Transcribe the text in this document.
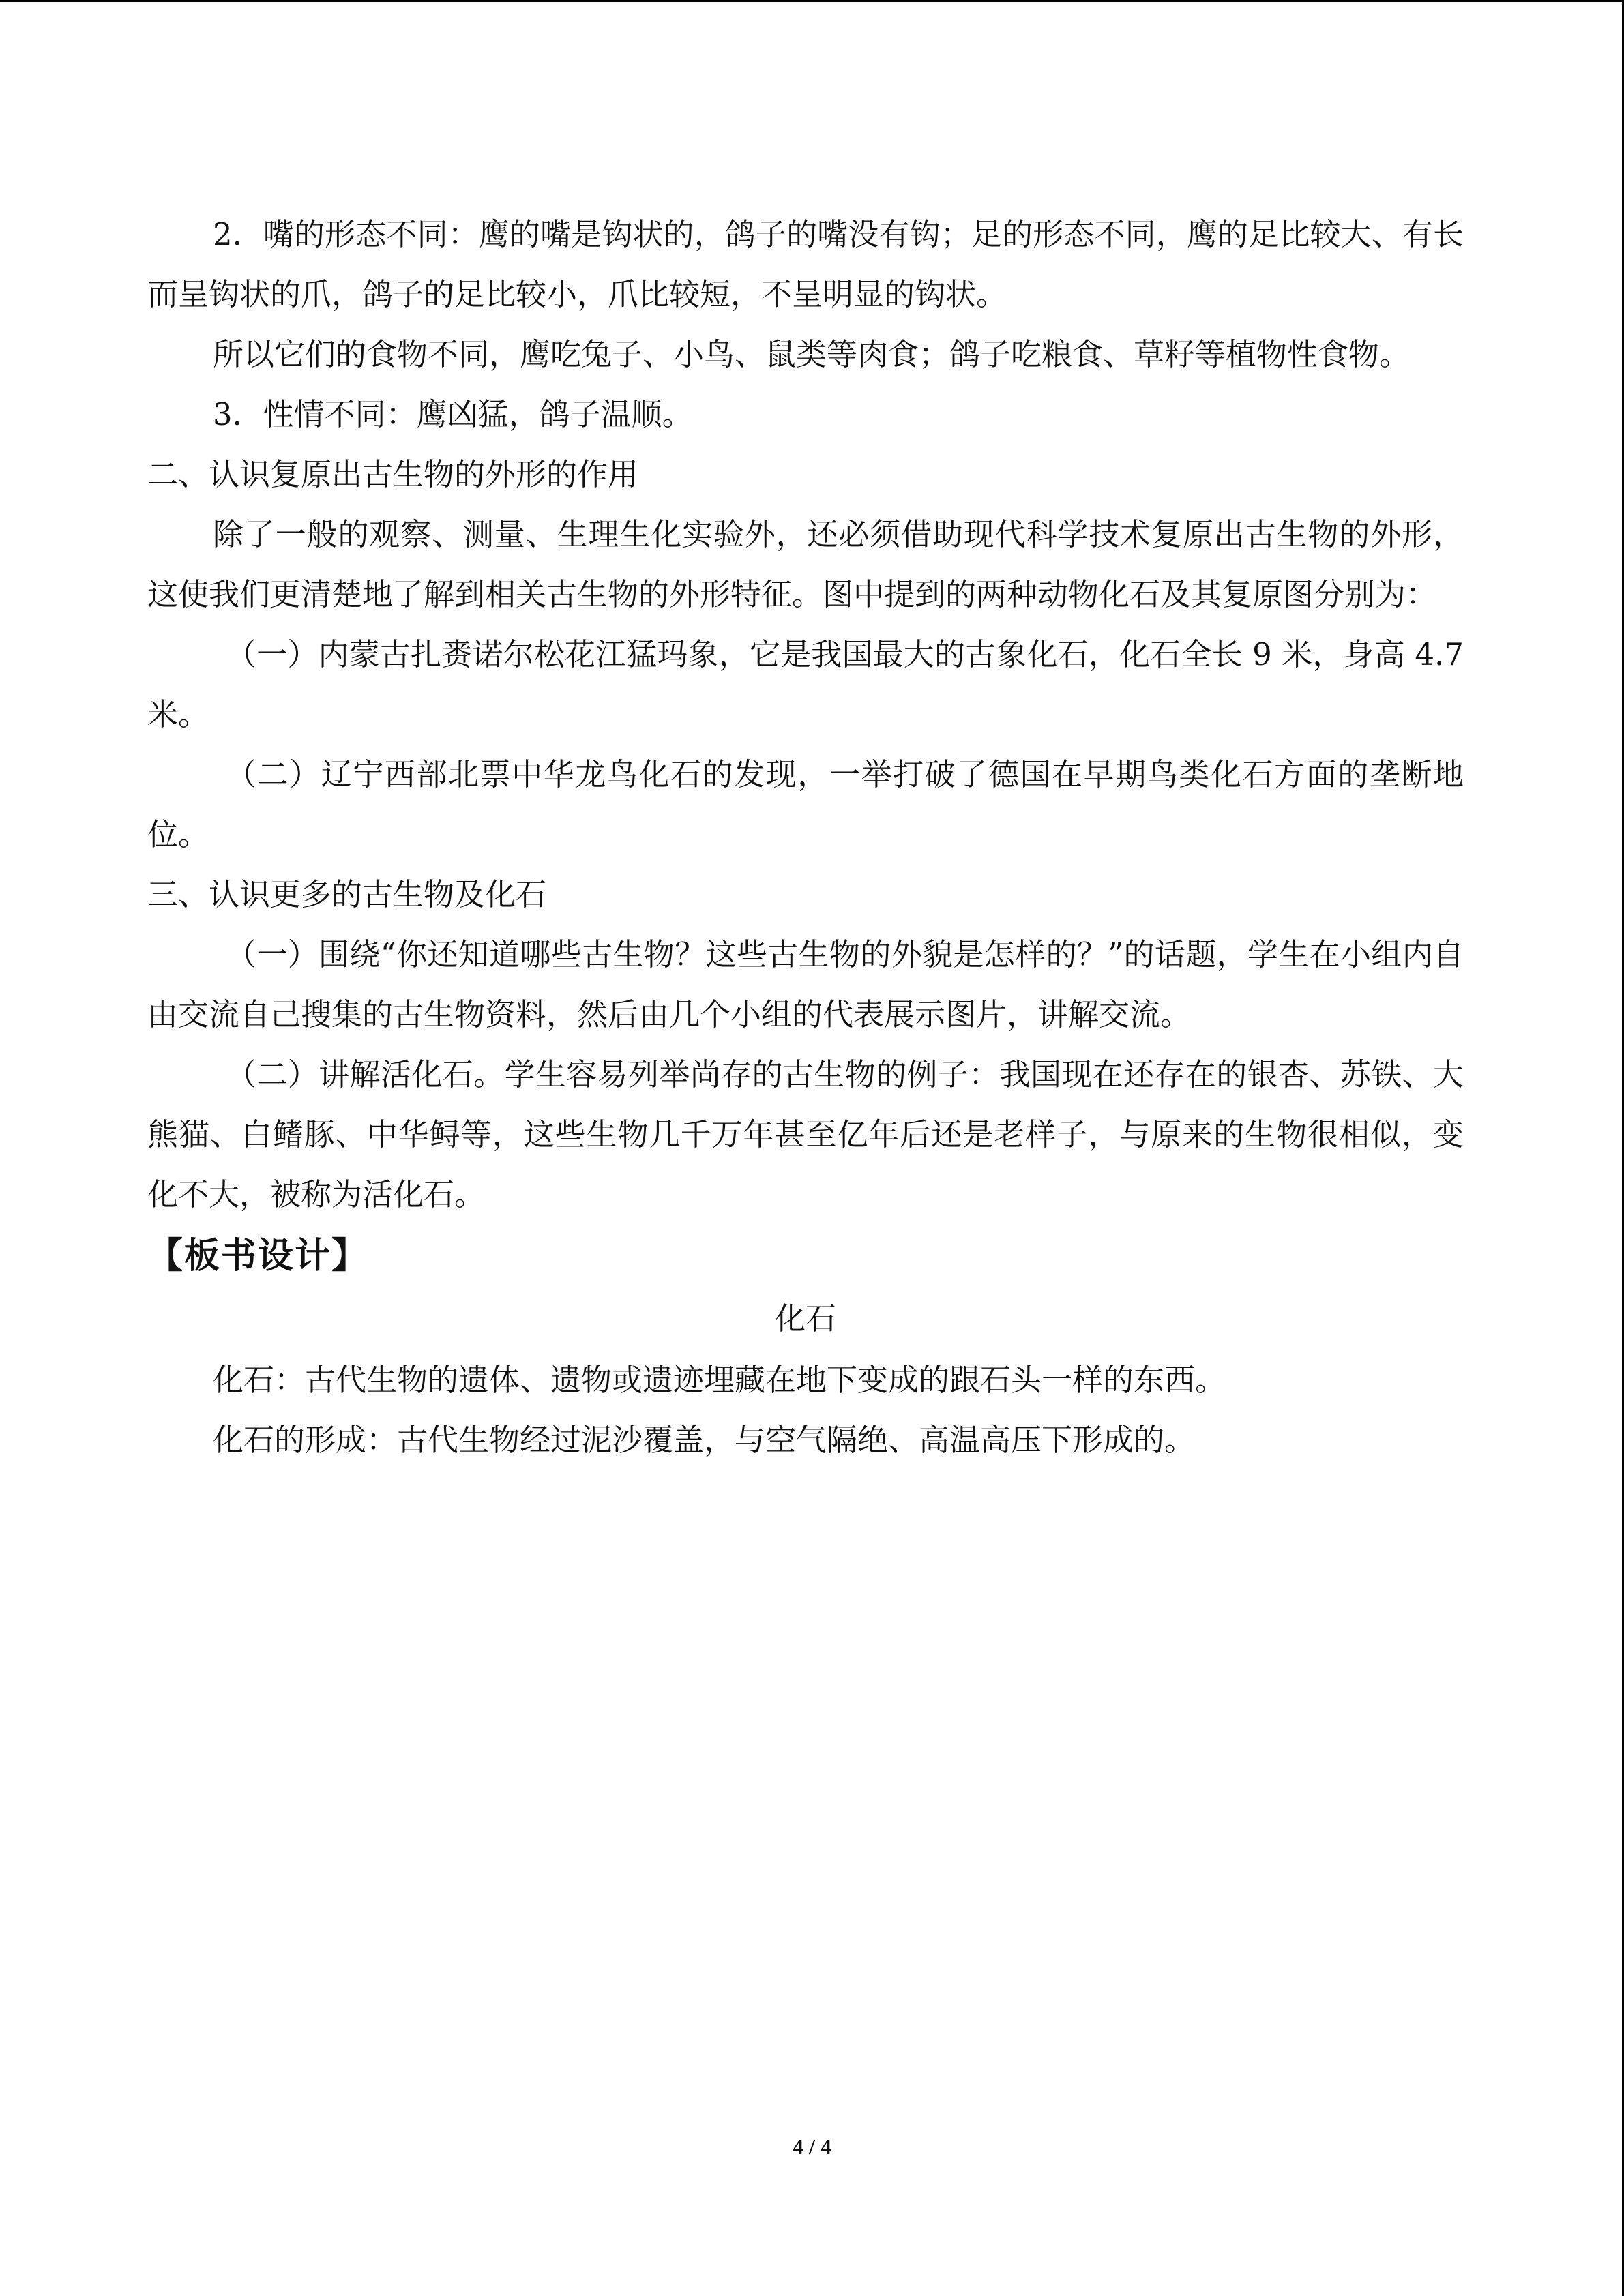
2．嘴的形态不同：鹰的嘴是钩状的，鸽子的嘴没有钩；足的形态不同，鹰的足比较大、有长而呈钩状的爪，鸽子的足比较小，爪比较短，不呈明显的钩状。

所以它们的食物不同，鹰吃兔子、小鸟、鼠类等肉食；鸽子吃粮食、草籽等植物性食物。

3．性情不同：鹰凶猛，鸽子温顺。

二、认识复原出古生物的外形的作用

除了一般的观察、测量、生理生化实验外，还必须借助现代科学技术复原出古生物的外形，这使我们更清楚地了解到相关古生物的外形特征。图中提到的两种动物化石及其复原图分别为：

（一）内蒙古扎赉诺尔松花江猛玛象，它是我国最大的古象化石，化石全长 9 米，身高 4.7 米。

（二）辽宁西部北票中华龙鸟化石的发现，一举打破了德国在早期鸟类化石方面的垄断地位。

三、认识更多的古生物及化石

（一）围绕“你还知道哪些古生物？这些古生物的外貌是怎样的？”的话题，学生在小组内自由交流自己搜集的古生物资料，然后由几个小组的代表展示图片，讲解交流。

（二）讲解活化石。学生容易列举尚存的古生物的例子：我国现在还存在的银杏、苏铁、大熊猫、白鳍豚、中华鲟等，这些生物几千万年甚至亿年后还是老样子，与原来的生物很相似，变化不大，被称为活化石。

【板书设计】

化石

化石：古代生物的遗体、遗物或遗迹埋藏在地下变成的跟石头一样的东西。

化石的形成：古代生物经过泥沙覆盖，与空气隔绝、高温高压下形成的。

4 / 4
